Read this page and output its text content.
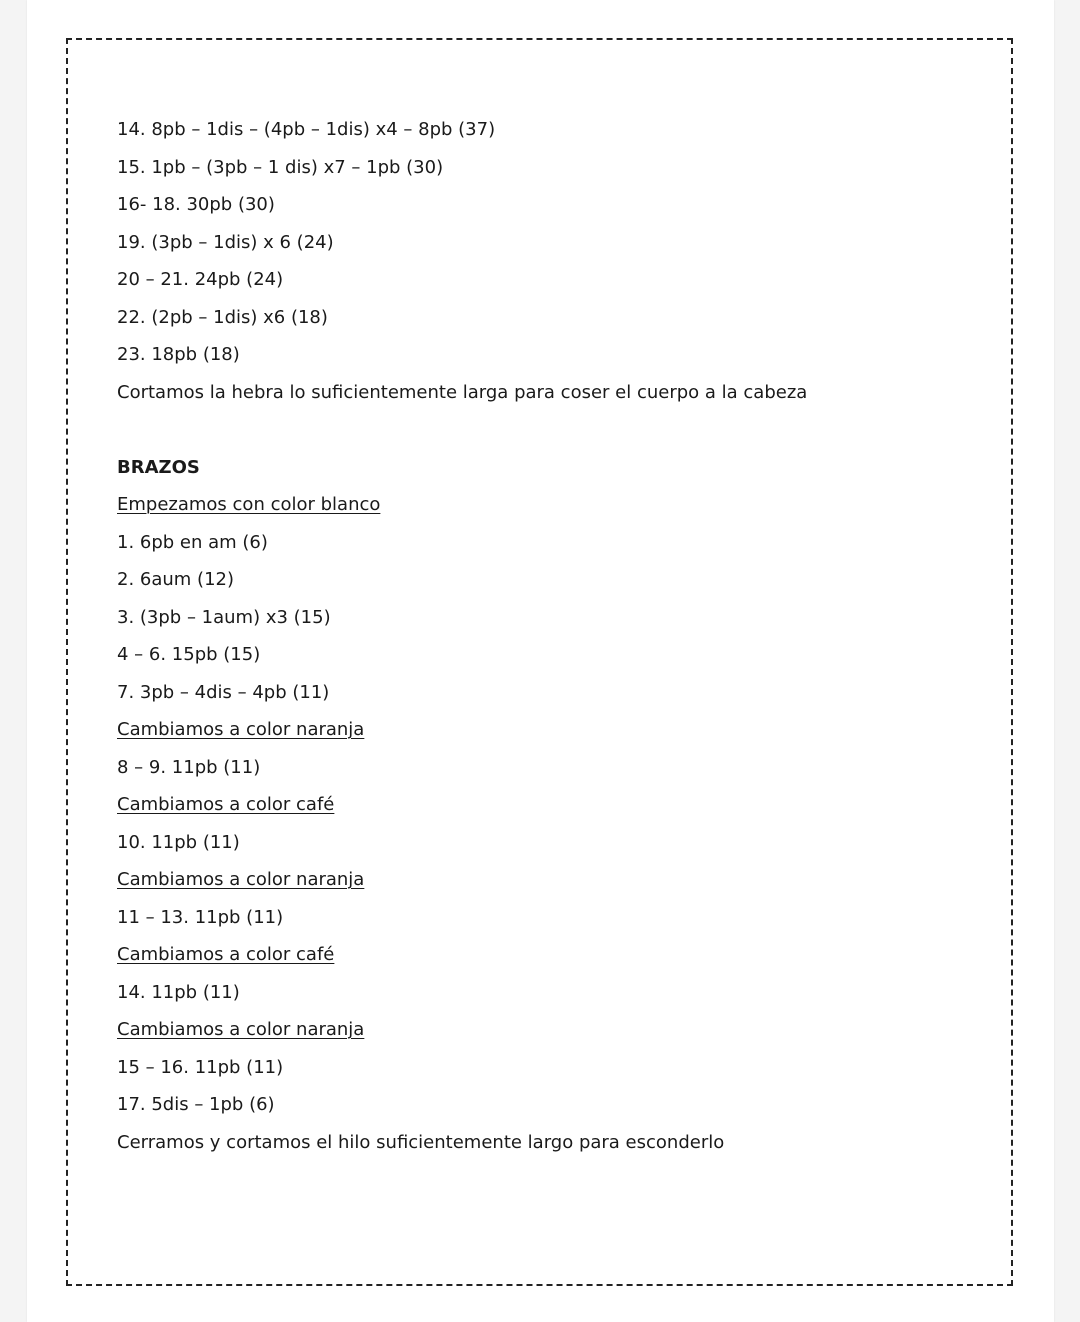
14. 8pb – 1dis – (4pb – 1dis) x4 – 8pb (37)
15. 1pb – (3pb – 1 dis) x7 – 1pb (30)
16- 18. 30pb (30)
19. (3pb – 1dis) x 6 (24)
20 – 21. 24pb (24)
22. (2pb – 1dis) x6 (18)
23. 18pb (18)
Cortamos la hebra lo suficientemente larga para coser el cuerpo a la cabeza
BRAZOS
Empezamos con color blanco
1. 6pb en am (6)
2. 6aum (12)
3. (3pb – 1aum) x3 (15)
4 – 6. 15pb (15)
7. 3pb – 4dis – 4pb (11)
Cambiamos a color naranja
8 – 9. 11pb (11)
Cambiamos a color café
10. 11pb (11)
Cambiamos a color naranja
11 – 13. 11pb (11)
Cambiamos a color café
14. 11pb (11)
Cambiamos a color naranja
15 – 16. 11pb (11)
17. 5dis – 1pb (6)
Cerramos y cortamos el hilo suficientemente largo para esconderlo
